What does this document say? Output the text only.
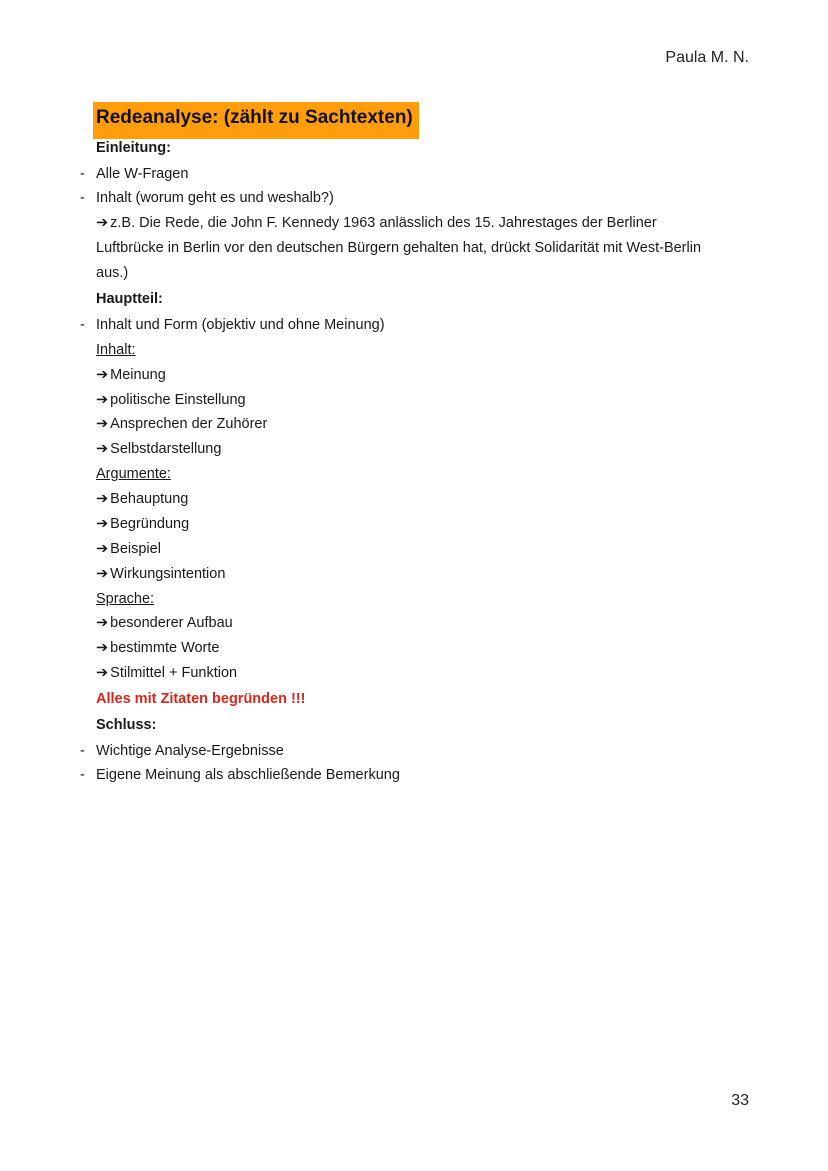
Paula M. N.
Redeanalyse: (zählt zu Sachtexten)
Einleitung:
- Alle W-Fragen
- Inhalt (worum geht es und weshalb?)
➔ z.B. Die Rede, die John F. Kennedy 1963 anlässlich des 15. Jahrestages der Berliner
Luftbrücke in Berlin vor den deutschen Bürgern gehalten hat, drückt Solidarität mit West-Berlin
aus.)
Hauptteil:
- Inhalt und Form (objektiv und ohne Meinung)
Inhalt:
➔ Meinung
➔ politische Einstellung
➔ Ansprechen der Zuhörer
➔ Selbstdarstellung
Argumente:
➔ Behauptung
➔ Begründung
➔ Beispiel
➔ Wirkungsintention
Sprache:
➔ besonderer Aufbau
➔ bestimmte Worte
➔ Stilmittel + Funktion
Alles mit Zitaten begründen !!!
Schluss:
- Wichtige Analyse-Ergebnisse
- Eigene Meinung als abschließende Bemerkung
33
